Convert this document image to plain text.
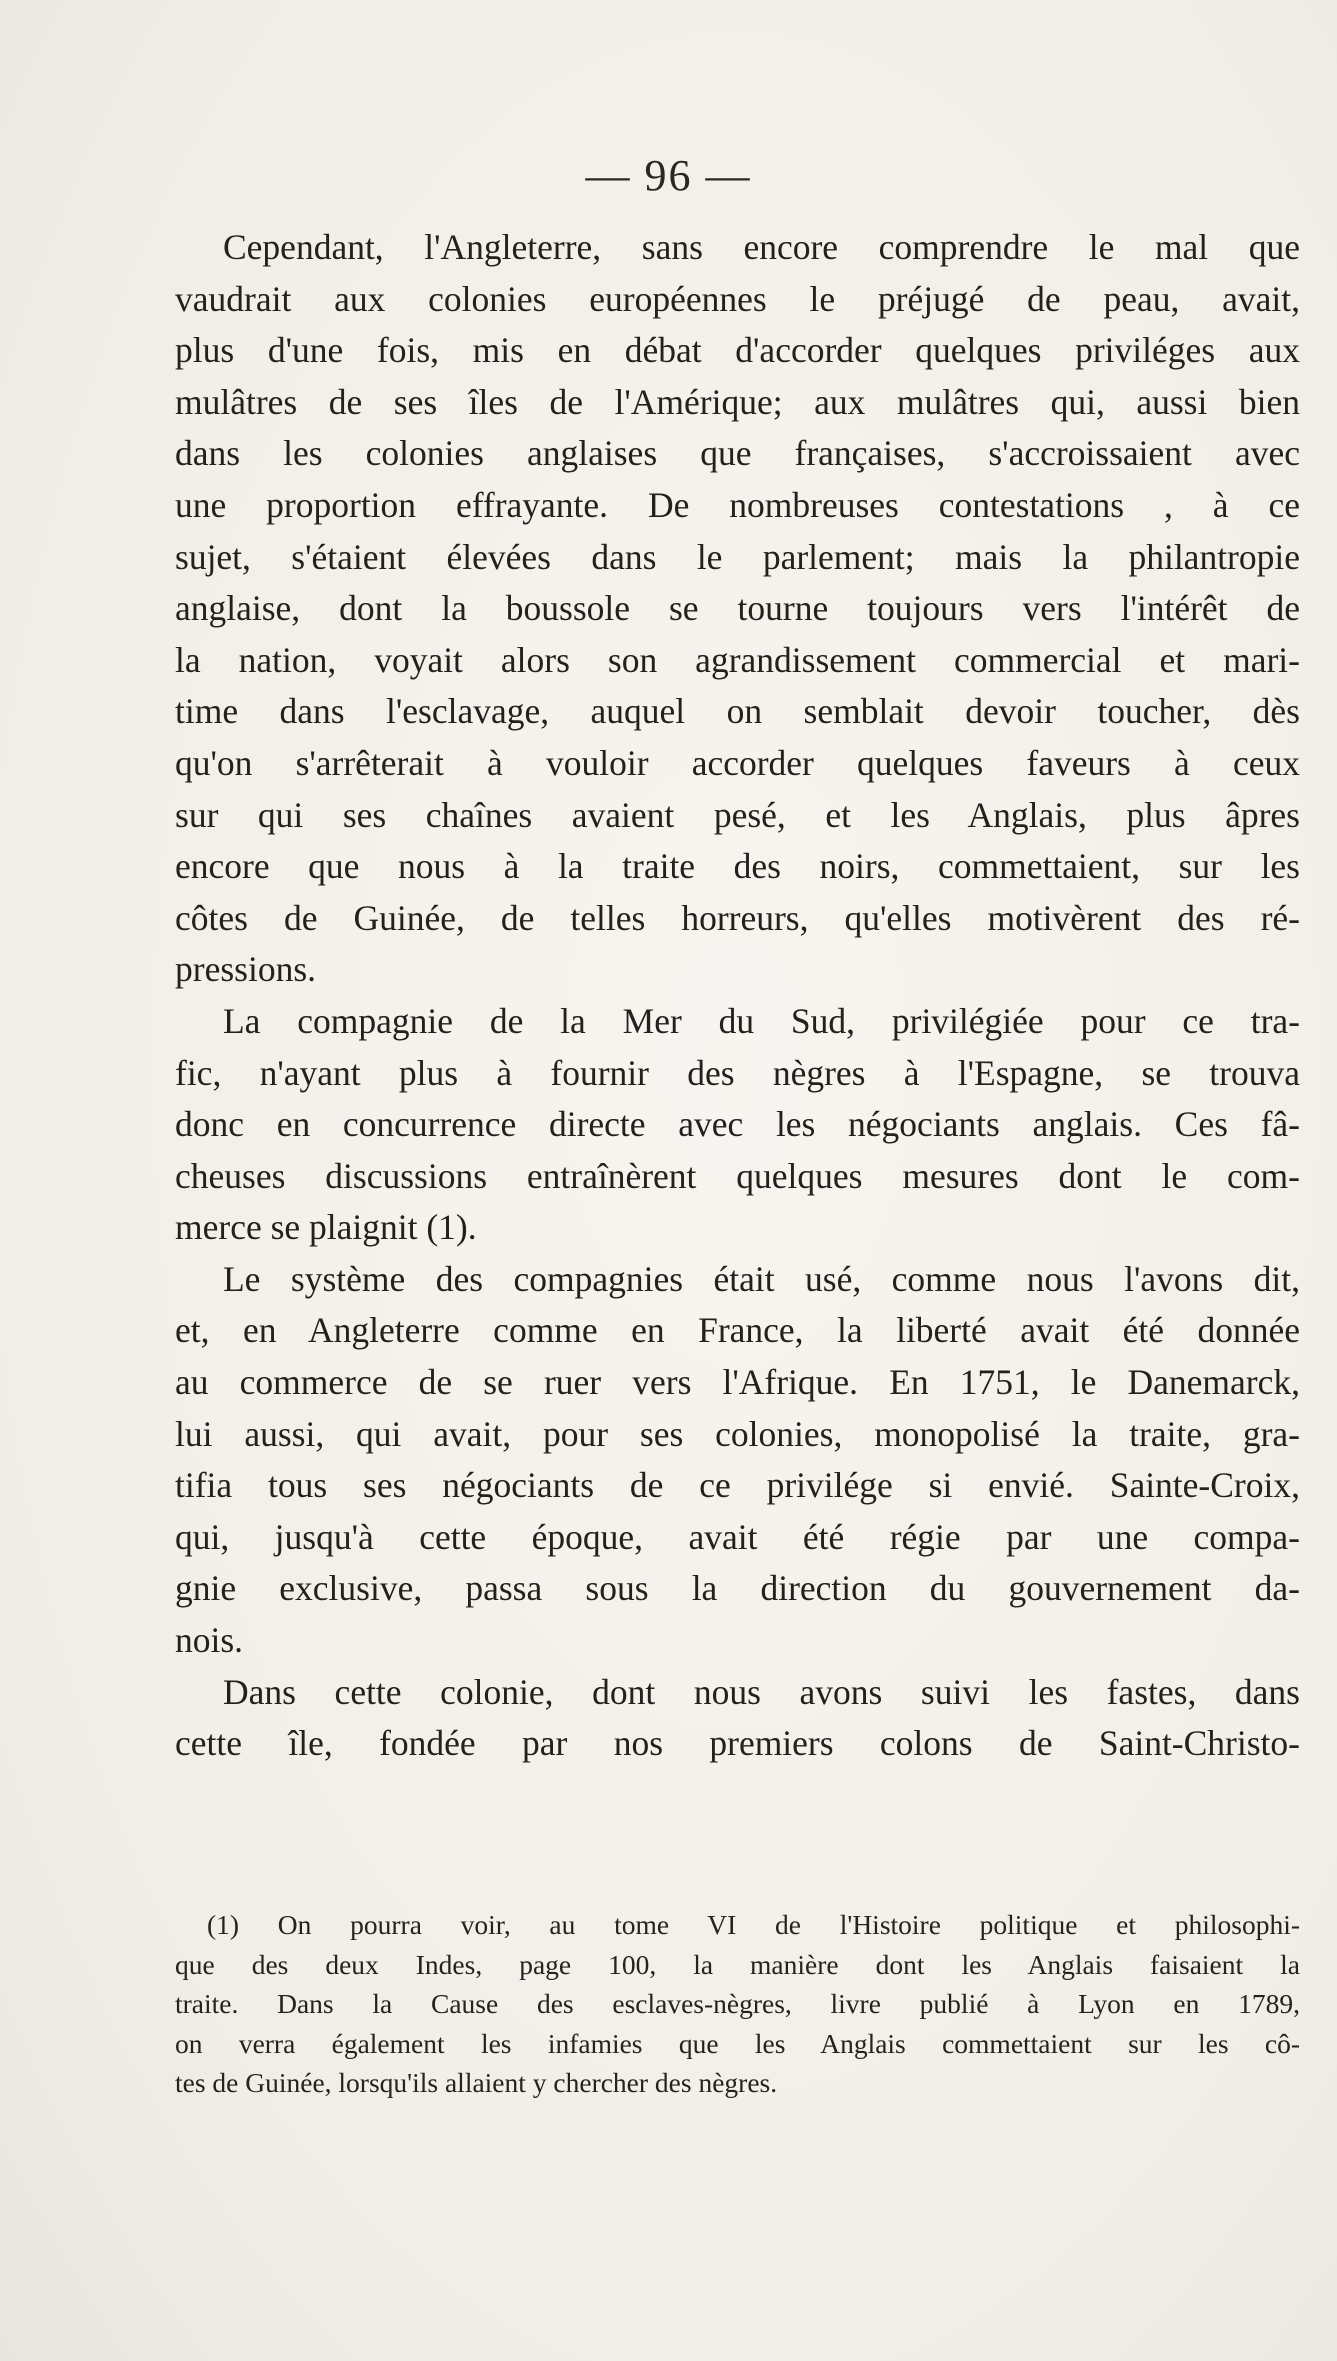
— 96 —
Cependant, l'Angleterre, sans encore comprendre le mal que
vaudrait aux colonies européennes le préjugé de peau, avait,
plus d'une fois, mis en débat d'accorder quelques priviléges aux
mulâtres de ses îles de l'Amérique; aux mulâtres qui, aussi bien
dans les colonies anglaises que françaises, s'accroissaient avec
une proportion effrayante. De nombreuses contestations , à ce
sujet, s'étaient élevées dans le parlement; mais la philantropie
anglaise, dont la boussole se tourne toujours vers l'intérêt de
la nation, voyait alors son agrandissement commercial et mari-
time dans l'esclavage, auquel on semblait devoir toucher, dès
qu'on s'arrêterait à vouloir accorder quelques faveurs à ceux
sur qui ses chaînes avaient pesé, et les Anglais, plus âpres
encore que nous à la traite des noirs, commettaient, sur les
côtes de Guinée, de telles horreurs, qu'elles motivèrent des ré-
pressions.
La compagnie de la Mer du Sud, privilégiée pour ce tra-
fic, n'ayant plus à fournir des nègres à l'Espagne, se trouva
donc en concurrence directe avec les négociants anglais. Ces fâ-
cheuses discussions entraînèrent quelques mesures dont le com-
merce se plaignit (1).
Le système des compagnies était usé, comme nous l'avons dit,
et, en Angleterre comme en France, la liberté avait été donnée
au commerce de se ruer vers l'Afrique. En 1751, le Danemarck,
lui aussi, qui avait, pour ses colonies, monopolisé la traite, gra-
tifia tous ses négociants de ce privilége si envié. Sainte-Croix,
qui, jusqu'à cette époque, avait été régie par une compa-
gnie exclusive, passa sous la direction du gouvernement da-
nois.
Dans cette colonie, dont nous avons suivi les fastes, dans
cette île, fondée par nos premiers colons de Saint-Christo-
(1) On pourra voir, au tome VI de l'Histoire politique et philosophi-
que des deux Indes, page 100, la manière dont les Anglais faisaient la
traite. Dans la Cause des esclaves-nègres, livre publié à Lyon en 1789,
on verra également les infamies que les Anglais commettaient sur les cô-
tes de Guinée, lorsqu'ils allaient y chercher des nègres.
